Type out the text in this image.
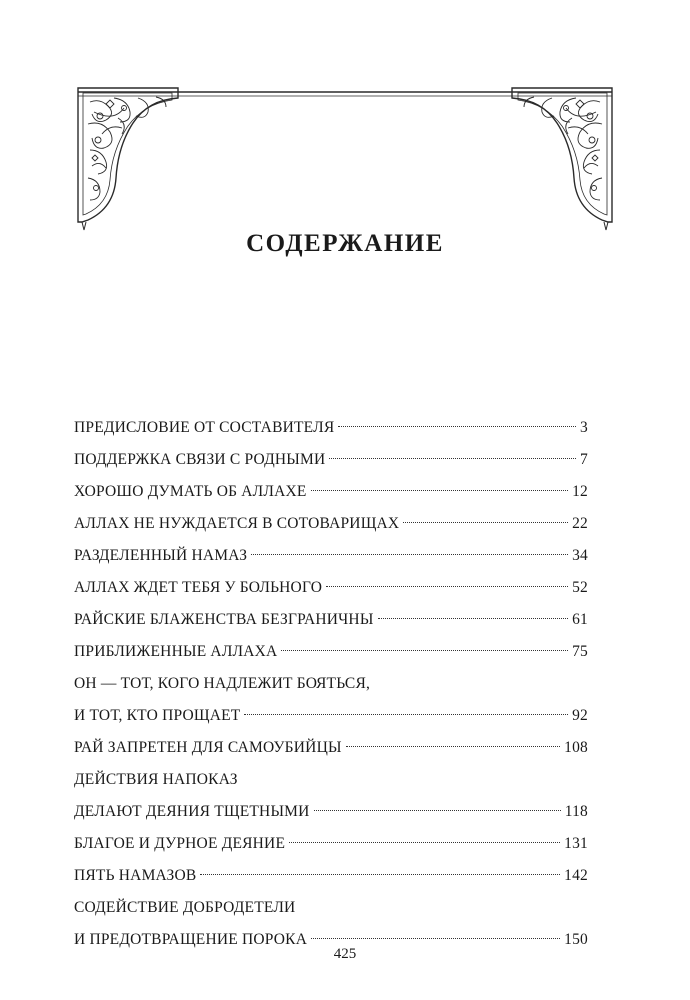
СОДЕРЖАНИЕ
ПРЕДИСЛОВИЕ ОТ СОСТАВИТЕЛЯ	3
ПОДДЕРЖКА СВЯЗИ С РОДНЫМИ	7
ХОРОШО ДУМАТЬ ОБ АЛЛАХЕ	12
АЛЛАХ НЕ НУЖДАЕТСЯ В СОТОВАРИЩАХ	22
РАЗДЕЛЕННЫЙ НАМАЗ	34
АЛЛАХ ЖДЕТ ТЕБЯ У БОЛЬНОГО	52
РАЙСКИЕ БЛАЖЕНСТВА БЕЗГРАНИЧНЫ	61
ПРИБЛИЖЕННЫЕ АЛЛАХА	75
ОН — ТОТ, КОГО НАДЛЕЖИТ БОЯТЬСЯ,
И ТОТ, КТО ПРОЩАЕТ	92
РАЙ ЗАПРЕТЕН ДЛЯ САМОУБИЙЦЫ	108
ДЕЙСТВИЯ НАПОКАЗ
ДЕЛАЮТ ДЕЯНИЯ ТЩЕТНЫМИ	118
БЛАГОЕ И ДУРНОЕ ДЕЯНИЕ	131
ПЯТЬ НАМАЗОВ	142
СОДЕЙСТВИЕ ДОБРОДЕТЕЛИ
И ПРЕДОТВРАЩЕНИЕ ПОРОКА	150
425
